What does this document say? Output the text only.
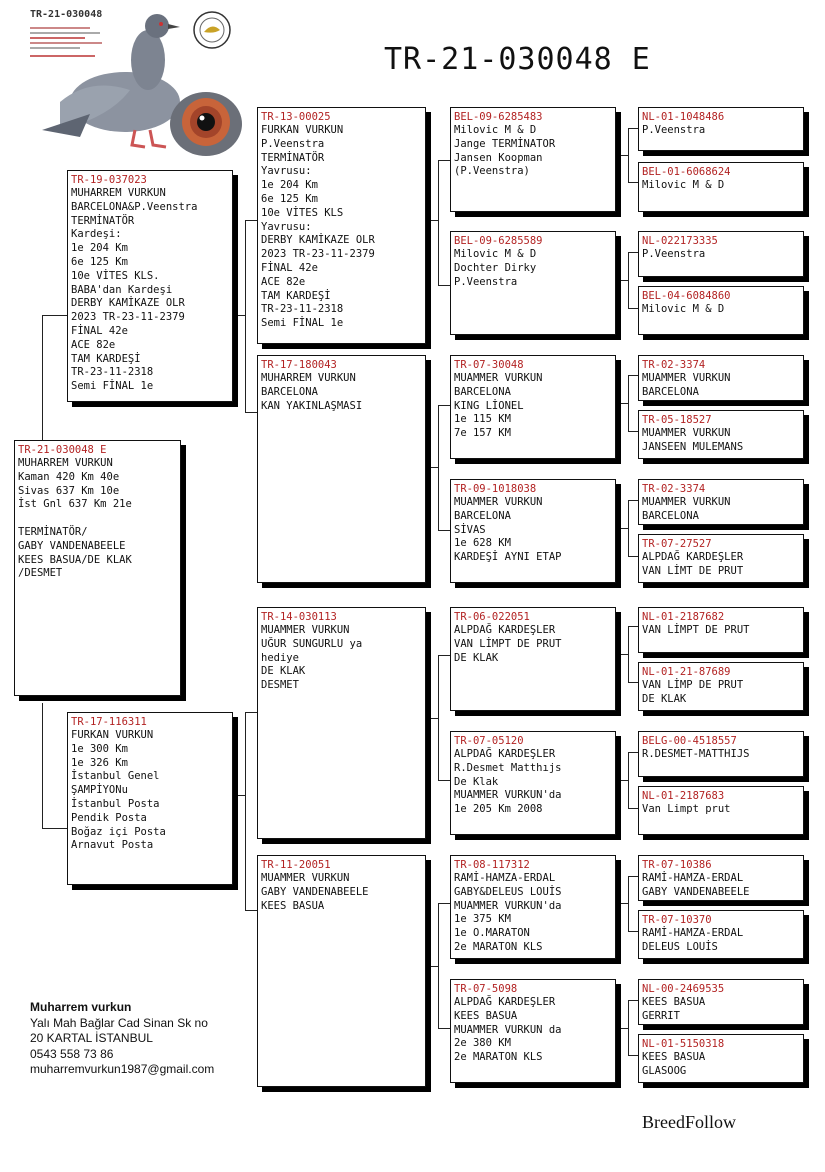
TR-21-030048
TR-21-030048 E
TR-21-030048 E
MUHARREM VURKUN
Kaman 420 Km 40e
Sivas 637 Km 10e
İst Gnl 637 Km 21e

TERMİNATÖR/
GABY VANDENABEELE
KEES BASUA/DE KLAK
/DESMET
TR-19-037023
MUHARREM VURKUN
BARCELONA&P.Veenstra
TERMİNATÖR
Kardeşi:
1e 204 Km
6e 125 Km
10e VİTES KLS.
BABA'dan Kardeşi
DERBY KAMİKAZE OLR
2023 TR-23-11-2379
FİNAL 42e
ACE 82e
TAM KARDEŞİ
TR-23-11-2318
Semi FİNAL 1e
TR-17-116311
FURKAN VURKUN
1e 300 Km
1e 326 Km
İstanbul Genel
ŞAMPİYONu
İstanbul Posta
Pendik Posta
Boğaz içi Posta
Arnavut Posta
TR-13-00025
FURKAN VURKUN
P.Veenstra
TERMİNATÖR
Yavrusu:
1e 204 Km
6e 125 Km
10e VİTES KLS
Yavrusu:
DERBY KAMİKAZE OLR
2023 TR-23-11-2379
FİNAL 42e
ACE 82e
TAM KARDEŞİ
TR-23-11-2318
Semi FİNAL 1e
TR-17-180043
MUHARREM VURKUN
BARCELONA
KAN YAKINLAŞMASI
TR-14-030113
MUAMMER VURKUN
UĞUR SUNGURLU ya
hediye
DE KLAK
DESMET
TR-11-20051
MUAMMER VURKUN
GABY VANDENABEELE
KEES BASUA
BEL-09-6285483
Milovic M & D
Jange TERMİNATOR
Jansen Koopman
(P.Veenstra)
BEL-09-6285589
Milovic M & D
Dochter Dirky
P.Veenstra
TR-07-30048
MUAMMER VURKUN
BARCELONA
KING LİONEL
1e 115 KM
7e 157 KM
TR-09-1018038
MUAMMER VURKUN
BARCELONA
SİVAS
1e 628 KM
KARDEŞİ AYNI ETAP
TR-06-022051
ALPDAĞ KARDEŞLER
VAN LİMPT DE PRUT
DE KLAK
TR-07-05120
ALPDAĞ KARDEŞLER
R.Desmet Matthıjs
De Klak
MUAMMER VURKUN'da
1e 205 Km 2008
TR-08-117312
RAMİ-HAMZA-ERDAL
GABY&DELEUS LOUİS
MUAMMER VURKUN'da
1e 375 KM
1e O.MARATON
2e MARATON KLS
TR-07-5098
ALPDAĞ KARDEŞLER
KEES BASUA
MUAMMER VURKUN da
2e 380 KM
2e MARATON KLS
NL-01-1048486
P.Veenstra
BEL-01-6068624
Milovic M & D
NL-022173335
P.Veenstra
BEL-04-6084860
Milovic M & D
TR-02-3374
MUAMMER VURKUN
BARCELONA
TR-05-18527
MUAMMER VURKUN
JANSEEN MULEMANS
TR-02-3374
MUAMMER VURKUN
BARCELONA
TR-07-27527
ALPDAĞ KARDEŞLER
VAN LİMT DE PRUT
NL-01-2187682
VAN LİMPT DE PRUT
NL-01-21-87689
VAN LİMP DE PRUT
DE KLAK
BELG-00-4518557
R.DESMET-MATTHIJS
NL-01-2187683
Van Limpt prut
TR-07-10386
RAMİ-HAMZA-ERDAL
GABY VANDENABEELE
TR-07-10370
RAMİ-HAMZA-ERDAL
DELEUS LOUİS
NL-00-2469535
KEES BASUA
GERRIT
NL-01-5150318
KEES BASUA
GLASOOG
Muharrem vurkun
Yalı Mah Bağlar Cad Sinan Sk no
20 KARTAL İSTANBUL
0543 558 73 86
muharremvurkun1987@gmail.com
BreedFollow
